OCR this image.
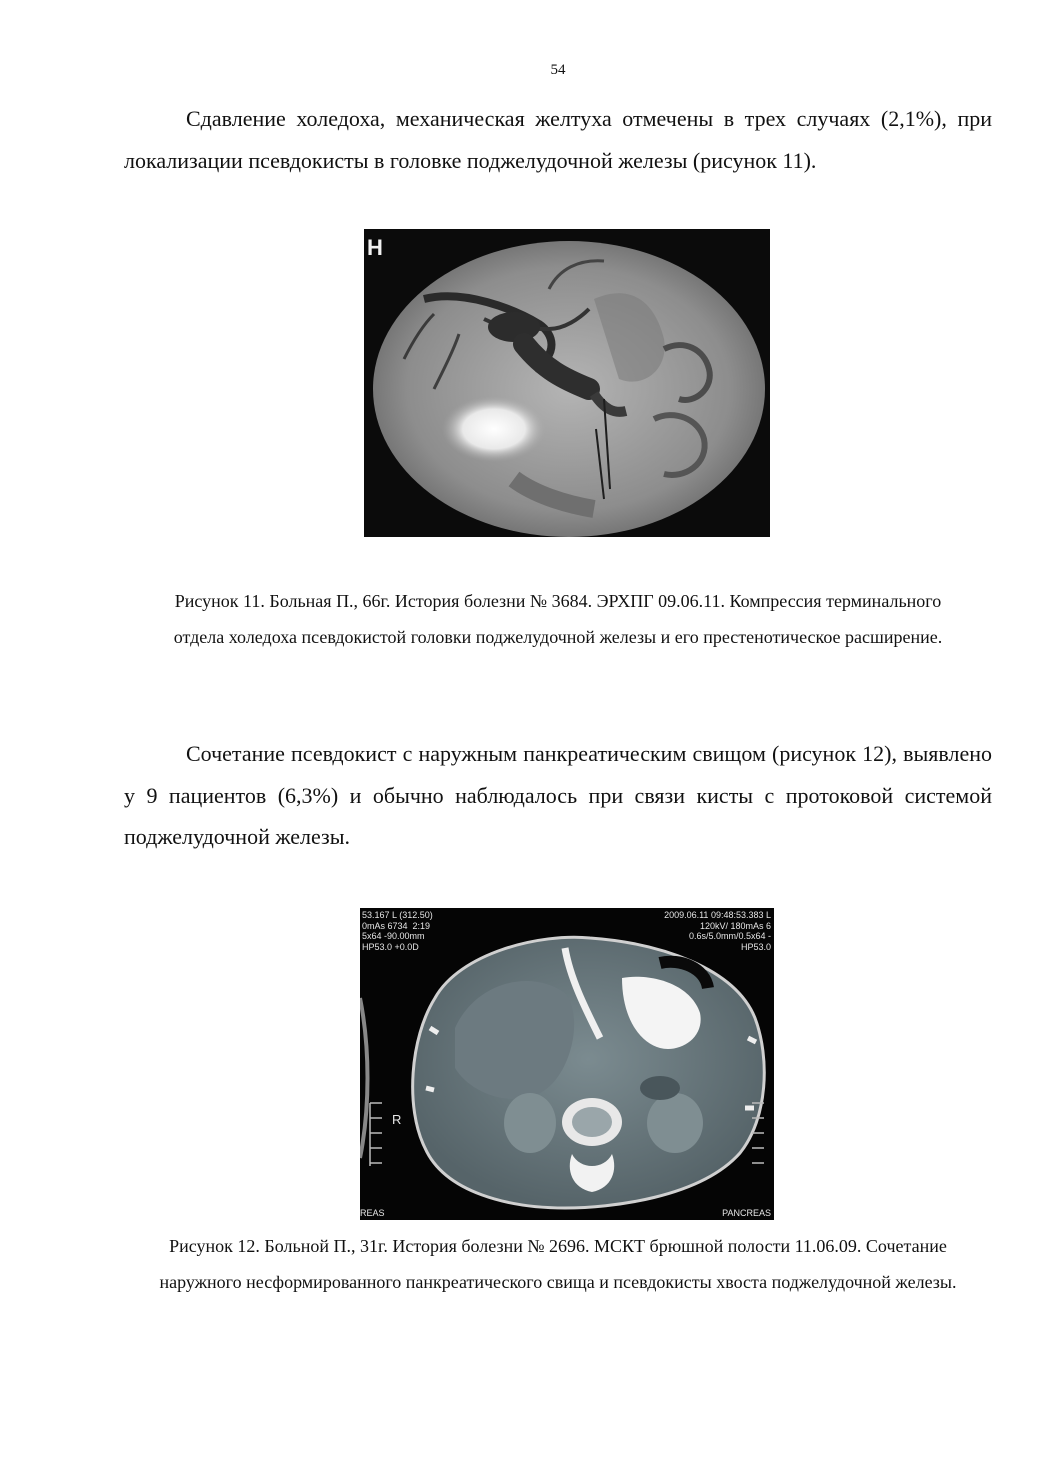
54

Сдавление холедоха, механическая желтуха отмечены в трех случаях (2,1%), при локализации псевдокисты в головке поджелудочной железы (рисунок 11).

H
Рисунок 11. Больная П., 66г. История болезни № 3684. ЭРХПГ 09.06.11. Компрессия терминального отдела холедоха псевдокистой головки поджелудочной железы и его престенотическое расширение.

Сочетание псевдокист с наружным панкреатическим свищом (рисунок 12), выявлено у 9 пациентов (6,3%) и обычно наблюдалось при связи кисты с протоковой системой поджелудочной железы.

53.167 L (312.50)
0mAs 6734  2:19
5x64 -90.00mm
HP53.0 +0.0D
2009.06.11 09:48:53.383 L
120kV/ 180mAs 6
0.6s/5.0mm/0.5x64 -
HP53.0
R
REAS	PANCREAS
Рисунок 12. Больной П., 31г. История болезни № 2696. МСКТ брюшной полости 11.06.09. Сочетание наружного несформированного панкреатического свища и псевдокисты хвоста поджелудочной железы.
